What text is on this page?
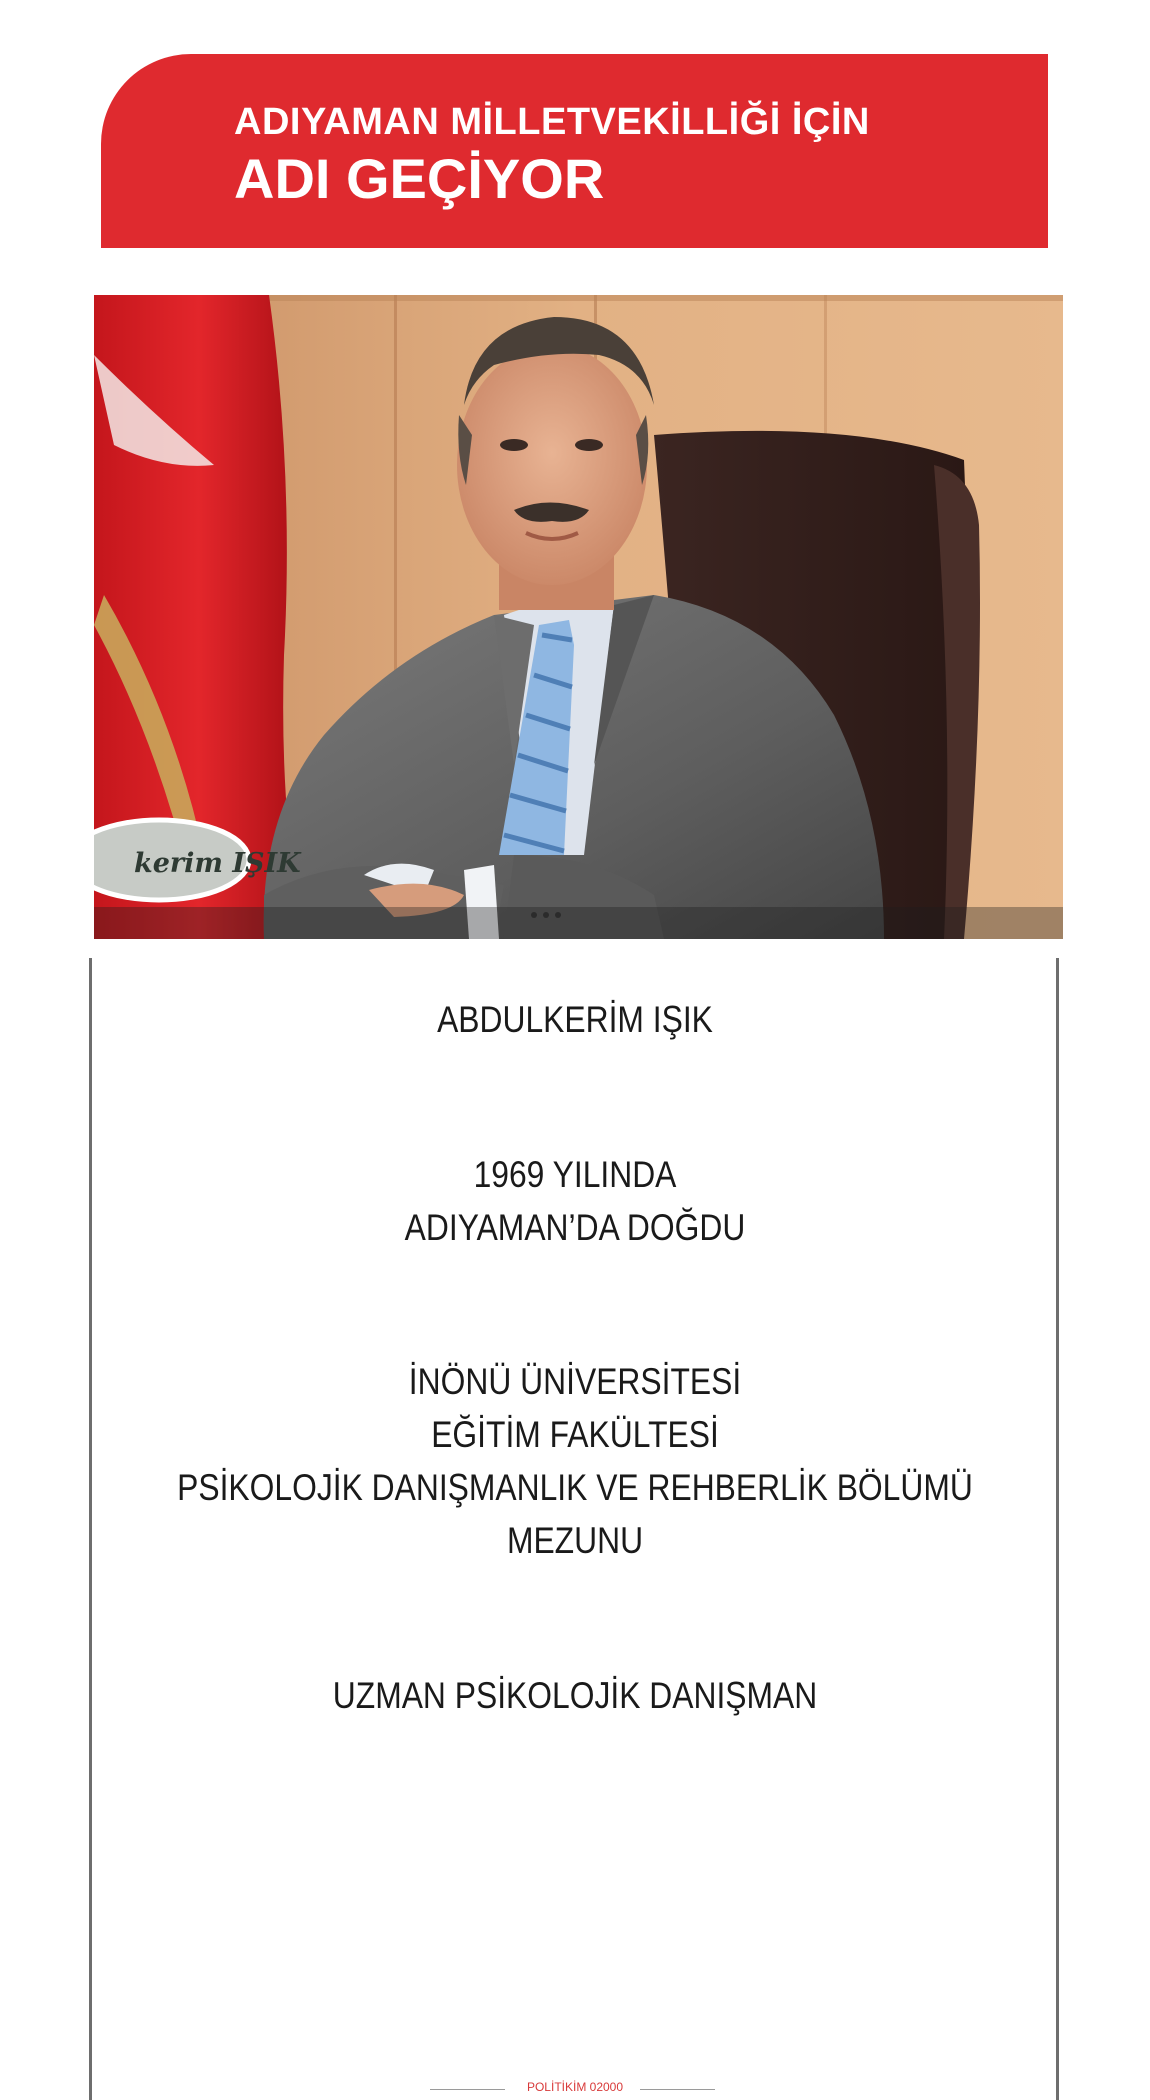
ADIYAMAN MİLLETVEKİLLİĞİ İÇİN
ADI GEÇİYOR
kerim IŞIK
ABDULKERİM IŞIK
1969 YILINDA
ADIYAMAN’DA DOĞDU
İNÖNÜ ÜNİVERSİTESİ
EĞİTİM FAKÜLTESİ
PSİKOLOJİK DANIŞMANLIK VE REHBERLİK BÖLÜMÜ
MEZUNU
UZMAN PSİKOLOJİK DANIŞMAN
POLİTİKİM 02000
